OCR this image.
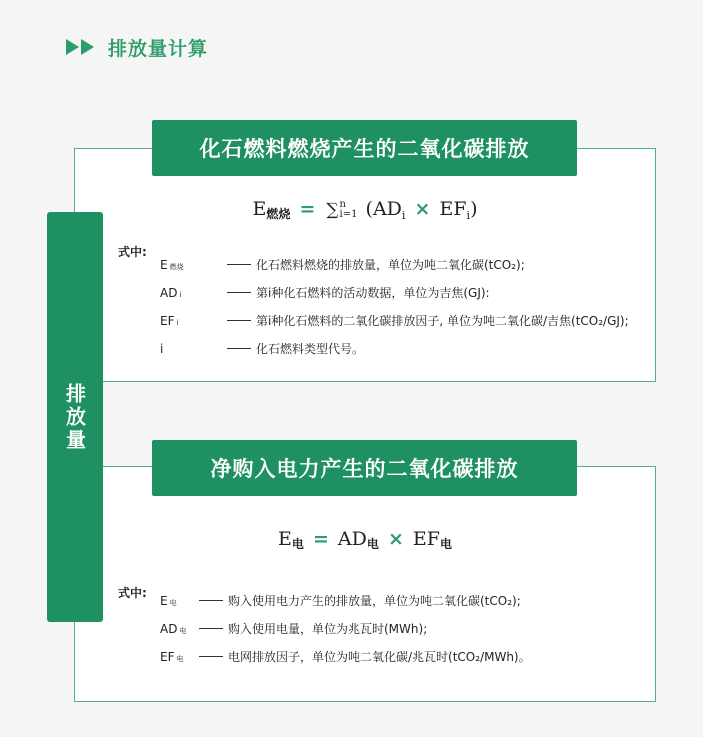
排放量计算
排放量
化石燃料燃烧产生的二氧化碳排放
净购入电力产生的二氧化碳排放
E燃烧 = ∑ n
i=1 $(AD_i \times EF_i)$
式中:
E燃烧	化石燃料燃烧的排放量，单位为吨二氧化碳(tCO₂);
AD i	第i种化石燃料的活动数据，单位为吉焦(GJ):
EF i	第i种化石燃料的二氧化碳排放因子, 单位为吨二氧化碳/吉焦(tCO₂/GJ);
i	化石燃料类型代号。
E电 = AD电 × EF电
式中:
E电	购入使用电力产生的排放量，单位为吨二氧化碳(tCO₂);
AD 电	购入使用电量，单位为兆瓦时(MWh);
EF 电	电网排放因子，单位为吨二氧化碳/兆瓦时(tCO₂/MWh)。
